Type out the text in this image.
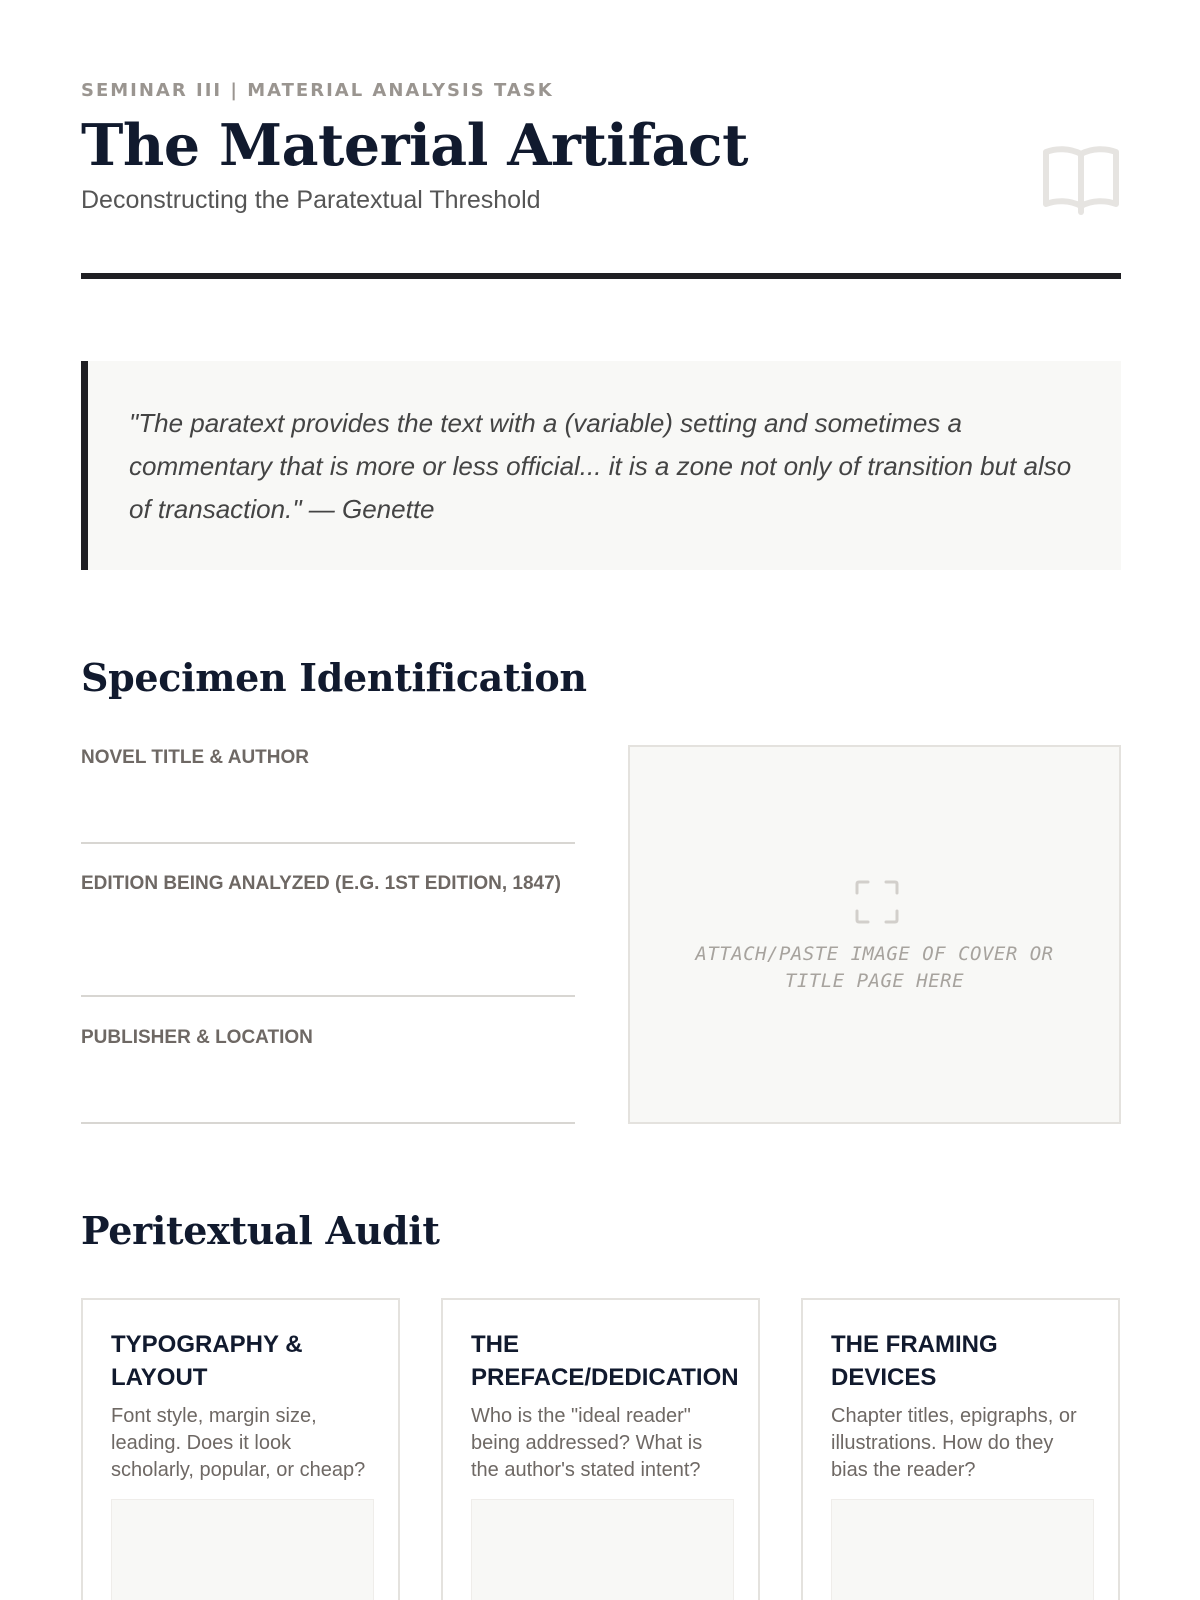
SEMINAR III | MATERIAL ANALYSIS TASK
The Material Artifact
Deconstructing the Paratextual Threshold

"The paratext provides the text with a (variable) setting and sometimes a commentary that is more or less official... it is a zone not only of transition but also of transaction." — Genette

Specimen Identification
NOVEL TITLE & AUTHOR
EDITION BEING ANALYZED (E.G. 1ST EDITION, 1847)
PUBLISHER & LOCATION
ATTACH/PASTE IMAGE OF COVER OR TITLE PAGE HERE
Peritextual Audit
TYPOGRAPHY & LAYOUT
Font style, margin size, leading. Does it look scholarly, popular, or cheap?
THE PREFACE/DEDICATION
Who is the "ideal reader" being addressed? What is the author's stated intent?
THE FRAMING DEVICES
Chapter titles, epigraphs, or illustrations. How do they bias the reader?
